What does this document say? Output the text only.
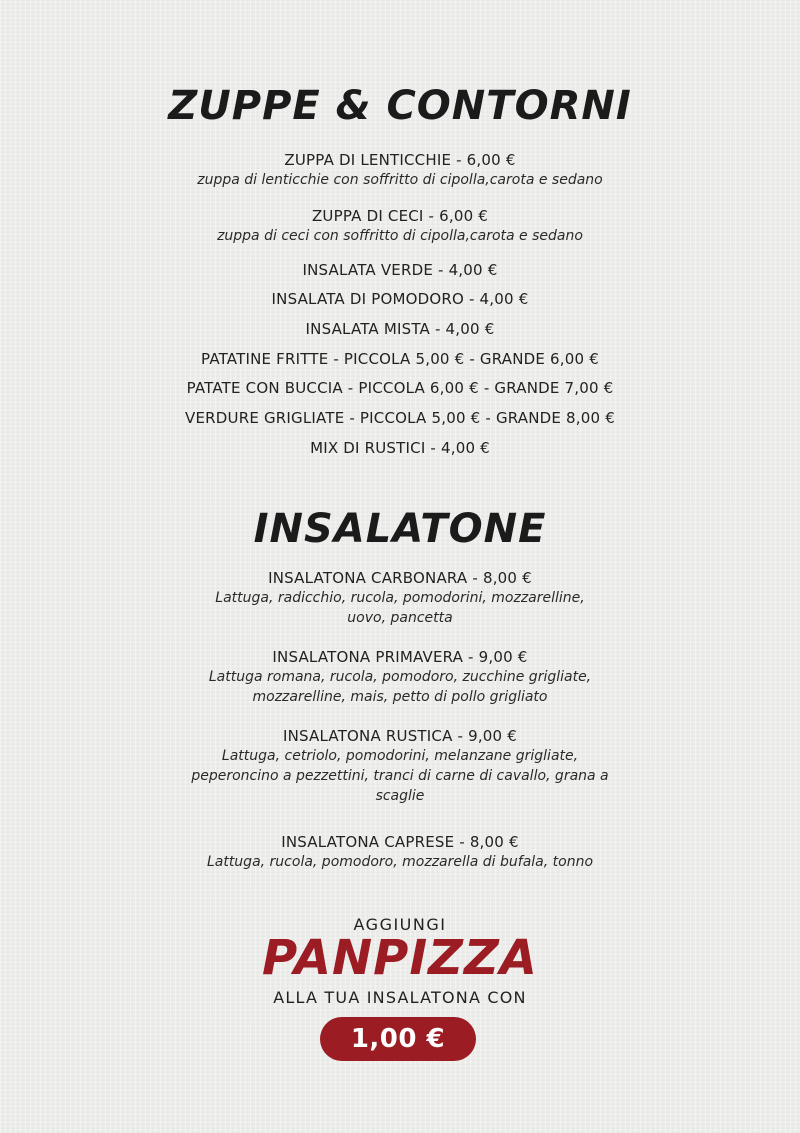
ZUPPE & CONTORNI
ZUPPA DI LENTICCHIE - 6,00 €
zuppa di lenticchie con soffritto di cipolla,carota e sedano
ZUPPA DI CECI - 6,00 €
zuppa di ceci con soffritto di cipolla,carota e sedano
INSALATA VERDE - 4,00 €
INSALATA DI POMODORO - 4,00 €
INSALATA MISTA - 4,00 €
PATATINE FRITTE - PICCOLA 5,00 € - GRANDE 6,00 €
PATATE CON BUCCIA - PICCOLA 6,00 € - GRANDE 7,00 €
VERDURE GRIGLIATE - PICCOLA 5,00 € - GRANDE 8,00 €
MIX DI RUSTICI - 4,00 €
INSALATONE
INSALATONA CARBONARA - 8,00 €
Lattuga, radicchio, rucola, pomodorini, mozzarelline, uovo, pancetta
INSALATONA PRIMAVERA - 9,00 €
Lattuga romana, rucola, pomodoro, zucchine grigliate, mozzarelline, mais, petto di pollo grigliato
INSALATONA RUSTICA - 9,00 €
Lattuga, cetriolo, pomodorini, melanzane grigliate, peperoncino a pezzettini, tranci di carne di cavallo, grana a scaglie
INSALATONA CAPRESE - 8,00 €
Lattuga, rucola, pomodoro, mozzarella di bufala, tonno
AGGIUNGI
PANPIZZA
ALLA TUA INSALATONA CON
1,00 €
